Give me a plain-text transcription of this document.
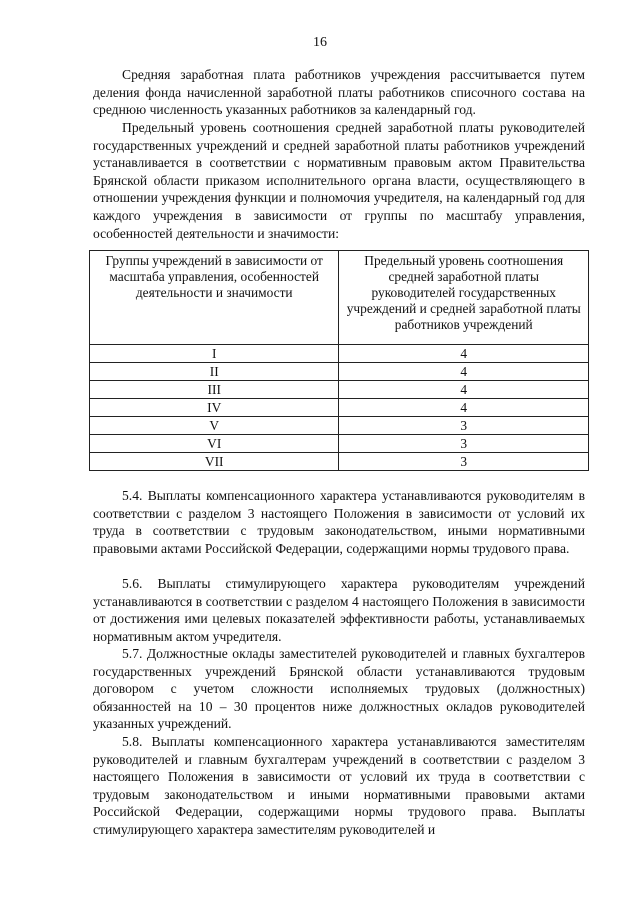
16

Средняя заработная плата работников учреждения рассчитывается путем деления фонда начисленной заработной платы работников списочного состава на среднюю численность указанных работников за календарный год.

Предельный уровень соотношения средней заработной платы руководителей государственных учреждений и средней заработной платы работников учреждений устанавливается в соответствии с нормативным правовым актом Правительства Брянской области приказом исполнительного органа власти, осуществляющего в отношении учреждения функции и полномочия учредителя, на календарный год для каждого учреждения в зависимости от группы по масштабу управления, особенностей деятельности и значимости:

Группы учреждений в зависимости от масштаба управления, особенностей деятельности и значимости	Предельный уровень соотношения средней заработной платы руководителей государственных учреждений и средней заработной платы работников учреждений
I	4
II	4
III	4
IV	4
V	3
VI	3
VII	3

5.4. Выплаты компенсационного характера устанавливаются руководителям в соответствии с разделом 3 настоящего Положения в зависимости от условий их труда в соответствии с трудовым законодательством, иными нормативными правовыми актами Российской Федерации, содержащими нормы трудового права.

5.6. Выплаты стимулирующего характера руководителям учреждений устанавливаются в соответствии с разделом 4 настоящего Положения в зависимости от достижения ими целевых показателей эффективности работы, устанавливаемых нормативным актом учредителя.

5.7. Должностные оклады заместителей руководителей и главных бухгалтеров государственных учреждений Брянской области устанавливаются трудовым договором с учетом сложности исполняемых трудовых (должностных) обязанностей на 10 – 30 процентов ниже должностных окладов руководителей указанных учреждений.

5.8. Выплаты компенсационного характера устанавливаются заместителям руководителей и главным бухгалтерам учреждений в соответствии с разделом 3 настоящего Положения в зависимости от условий их труда в соответствии с трудовым законодательством и иными нормативными правовыми актами Российской Федерации, содержащими нормы трудового права. Выплаты стимулирующего характера заместителям руководителей и
